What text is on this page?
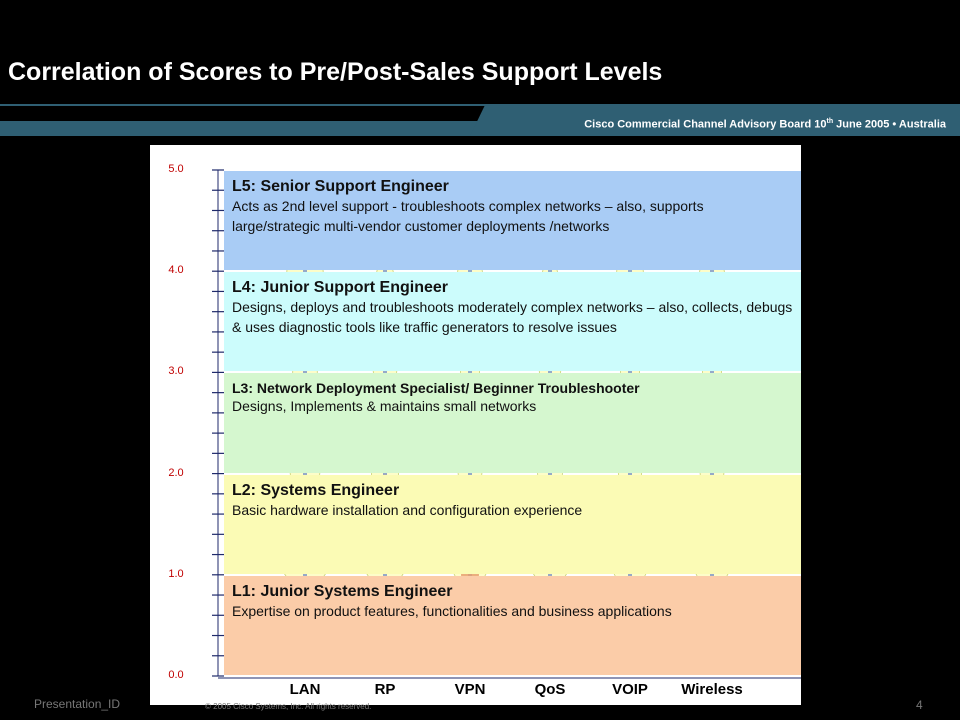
Correlation of Scores to Pre/Post-Sales Support Levels
Cisco Commercial Channel Advisory Board 10th June 2005 • Australia
L5: Senior Support Engineer
Acts as 2nd level support - troubleshoots complex networks – also, supports large/strategic multi-vendor customer deployments /networks
L4: Junior Support Engineer
Designs, deploys and troubleshoots moderately complex networks – also, collects, debugs & uses diagnostic tools like traffic generators to resolve issues
L3: Network Deployment Specialist/ Beginner Troubleshooter
Designs, Implements & maintains small networks
L2: Systems Engineer
Basic hardware installation and configuration experience
L1: Junior Systems Engineer
Expertise on product features, functionalities and business applications
0.0
1.0
2.0
3.0
4.0
5.0
LAN	RP	VPN	QoS	VOIP	Wireless
Presentation_ID	© 2005 Cisco Systems, Inc. All rights reserved.	4
